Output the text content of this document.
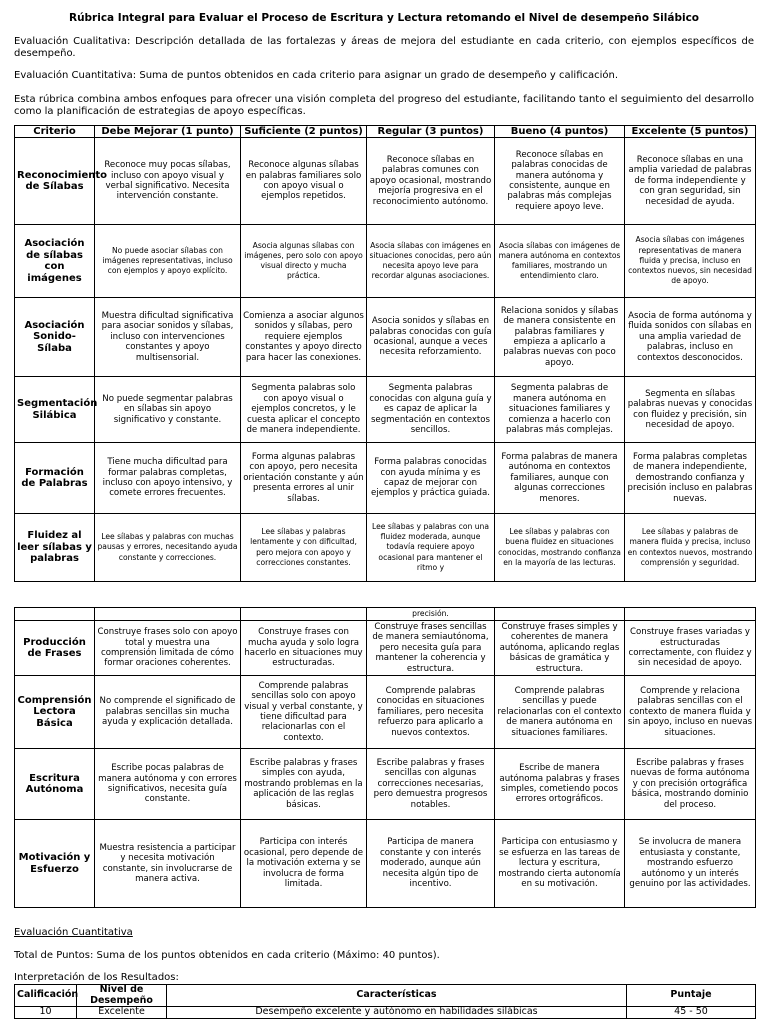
Rúbrica Integral para Evaluar el Proceso de Escritura y Lectura retomando el Nivel de desempeño Silábico
Evaluación Cualitativa: Descripción detallada de las fortalezas y áreas de mejora del estudiante en cada criterio, con ejemplos específicos de desempeño.
Evaluación Cuantitativa: Suma de puntos obtenidos en cada criterio para asignar un grado de desempeño y calificación.
Esta rúbrica combina ambos enfoques para ofrecer una visión completa del progreso del estudiante, facilitando tanto el seguimiento del desarrollo como la planificación de estrategias de apoyo específicas.
Criterio	Debe Mejorar (1 punto)	Suficiente (2 puntos)	Regular (3 puntos)	Bueno (4 puntos)	Excelente (5 puntos)
Reconocimiento de Sílabas	Reconoce muy pocas sílabas, incluso con apoyo visual y verbal significativo. Necesita intervención constante.	Reconoce algunas sílabas en palabras familiares solo con apoyo visual o ejemplos repetidos.	Reconoce sílabas en palabras comunes con apoyo ocasional, mostrando mejoría progresiva en el reconocimiento autónomo.	Reconoce sílabas en palabras conocidas de manera autónoma y consistente, aunque en palabras más complejas requiere apoyo leve.	Reconoce sílabas en una amplia variedad de palabras de forma independiente y con gran seguridad, sin necesidad de ayuda.
Asociación de sílabas con imágenes	No puede asociar sílabas con imágenes representativas, incluso con ejemplos y apoyo explícito.	Asocia algunas sílabas con imágenes, pero solo con apoyo visual directo y mucha práctica.	Asocia sílabas con imágenes en situaciones conocidas, pero aún necesita apoyo leve para recordar algunas asociaciones.	Asocia sílabas con imágenes de manera autónoma en contextos familiares, mostrando un entendimiento claro.	Asocia sílabas con imágenes representativas de manera fluida y precisa, incluso en contextos nuevos, sin necesidad de apoyo.
Asociación Sonido-Sílaba	Muestra dificultad significativa para asociar sonidos y sílabas, incluso con intervenciones constantes y apoyo multisensorial.	Comienza a asociar algunos sonidos y sílabas, pero requiere ejemplos constantes y apoyo directo para hacer las conexiones.	Asocia sonidos y sílabas en palabras conocidas con guía ocasional, aunque a veces necesita reforzamiento.	Relaciona sonidos y sílabas de manera consistente en palabras familiares y empieza a aplicarlo a palabras nuevas con poco apoyo.	Asocia de forma autónoma y fluida sonidos con sílabas en una amplia variedad de palabras, incluso en contextos desconocidos.
Segmentación Silábica	No puede segmentar palabras en sílabas sin apoyo significativo y constante.	Segmenta palabras solo con apoyo visual o ejemplos concretos, y le cuesta aplicar el concepto de manera independiente.	Segmenta palabras conocidas con alguna guía y es capaz de aplicar la segmentación en contextos sencillos.	Segmenta palabras de manera autónoma en situaciones familiares y comienza a hacerlo con palabras más complejas.	Segmenta en sílabas palabras nuevas y conocidas con fluidez y precisión, sin necesidad de apoyo.
Formación de Palabras	Tiene mucha dificultad para formar palabras completas, incluso con apoyo intensivo, y comete errores frecuentes.	Forma algunas palabras con apoyo, pero necesita orientación constante y aún presenta errores al unir sílabas.	Forma palabras conocidas con ayuda mínima y es capaz de mejorar con ejemplos y práctica guiada.	Forma palabras de manera autónoma en contextos familiares, aunque con algunas correcciones menores.	Forma palabras completas de manera independiente, demostrando confianza y precisión incluso en palabras nuevas.
Fluidez al leer sílabas y palabras	Lee sílabas y palabras con muchas pausas y errores, necesitando ayuda constante y correcciones.	Lee sílabas y palabras lentamente y con dificultad, pero mejora con apoyo y correcciones constantes.	Lee sílabas y palabras con una fluidez moderada, aunque todavía requiere apoyo ocasional para mantener el ritmo y	Lee sílabas y palabras con buena fluidez en situaciones conocidas, mostrando confianza en la mayoría de las lecturas.	Lee sílabas y palabras de manera fluida y precisa, incluso en contextos nuevos, mostrando comprensión y seguridad.
			precisión.		
Producción de Frases	Construye frases solo con apoyo total y muestra una comprensión limitada de cómo formar oraciones coherentes.	Construye frases con mucha ayuda y solo logra hacerlo en situaciones muy estructuradas.	Construye frases sencillas de manera semiautónoma, pero necesita guía para mantener la coherencia y estructura.	Construye frases simples y coherentes de manera autónoma, aplicando reglas básicas de gramática y estructura.	Construye frases variadas y estructuradas correctamente, con fluidez y sin necesidad de apoyo.
Comprensión Lectora Básica	No comprende el significado de palabras sencillas sin mucha ayuda y explicación detallada.	Comprende palabras sencillas solo con apoyo visual y verbal constante, y tiene dificultad para relacionarlas con el contexto.	Comprende palabras conocidas en situaciones familiares, pero necesita refuerzo para aplicarlo a nuevos contextos.	Comprende palabras sencillas y puede relacionarlas con el contexto de manera autónoma en situaciones familiares.	Comprende y relaciona palabras sencillas con el contexto de manera fluida y sin apoyo, incluso en nuevas situaciones.
Escritura Autónoma	Escribe pocas palabras de manera autónoma y con errores significativos, necesita guía constante.	Escribe palabras y frases simples con ayuda, mostrando problemas en la aplicación de las reglas básicas.	Escribe palabras y frases sencillas con algunas correcciones necesarias, pero demuestra progresos notables.	Escribe de manera autónoma palabras y frases simples, cometiendo pocos errores ortográficos.	Escribe palabras y frases nuevas de forma autónoma y con precisión ortográfica básica, mostrando dominio del proceso.
Motivación y Esfuerzo	Muestra resistencia a participar y necesita motivación constante, sin involucrarse de manera activa.	Participa con interés ocasional, pero depende de la motivación externa y se involucra de forma limitada.	Participa de manera constante y con interés moderado, aunque aún necesita algún tipo de incentivo.	Participa con entusiasmo y se esfuerza en las tareas de lectura y escritura, mostrando cierta autonomía en su motivación.	Se involucra de manera entusiasta y constante, mostrando esfuerzo autónomo y un interés genuino por las actividades.
Evaluación Cuantitativa
Total de Puntos: Suma de los puntos obtenidos en cada criterio (Máximo: 40 puntos).
Interpretación de los Resultados:
Calificación	Nivel de Desempeño	Características	Puntaje
10	Excelente	Desempeño excelente y autónomo en habilidades silábicas	45 - 50
